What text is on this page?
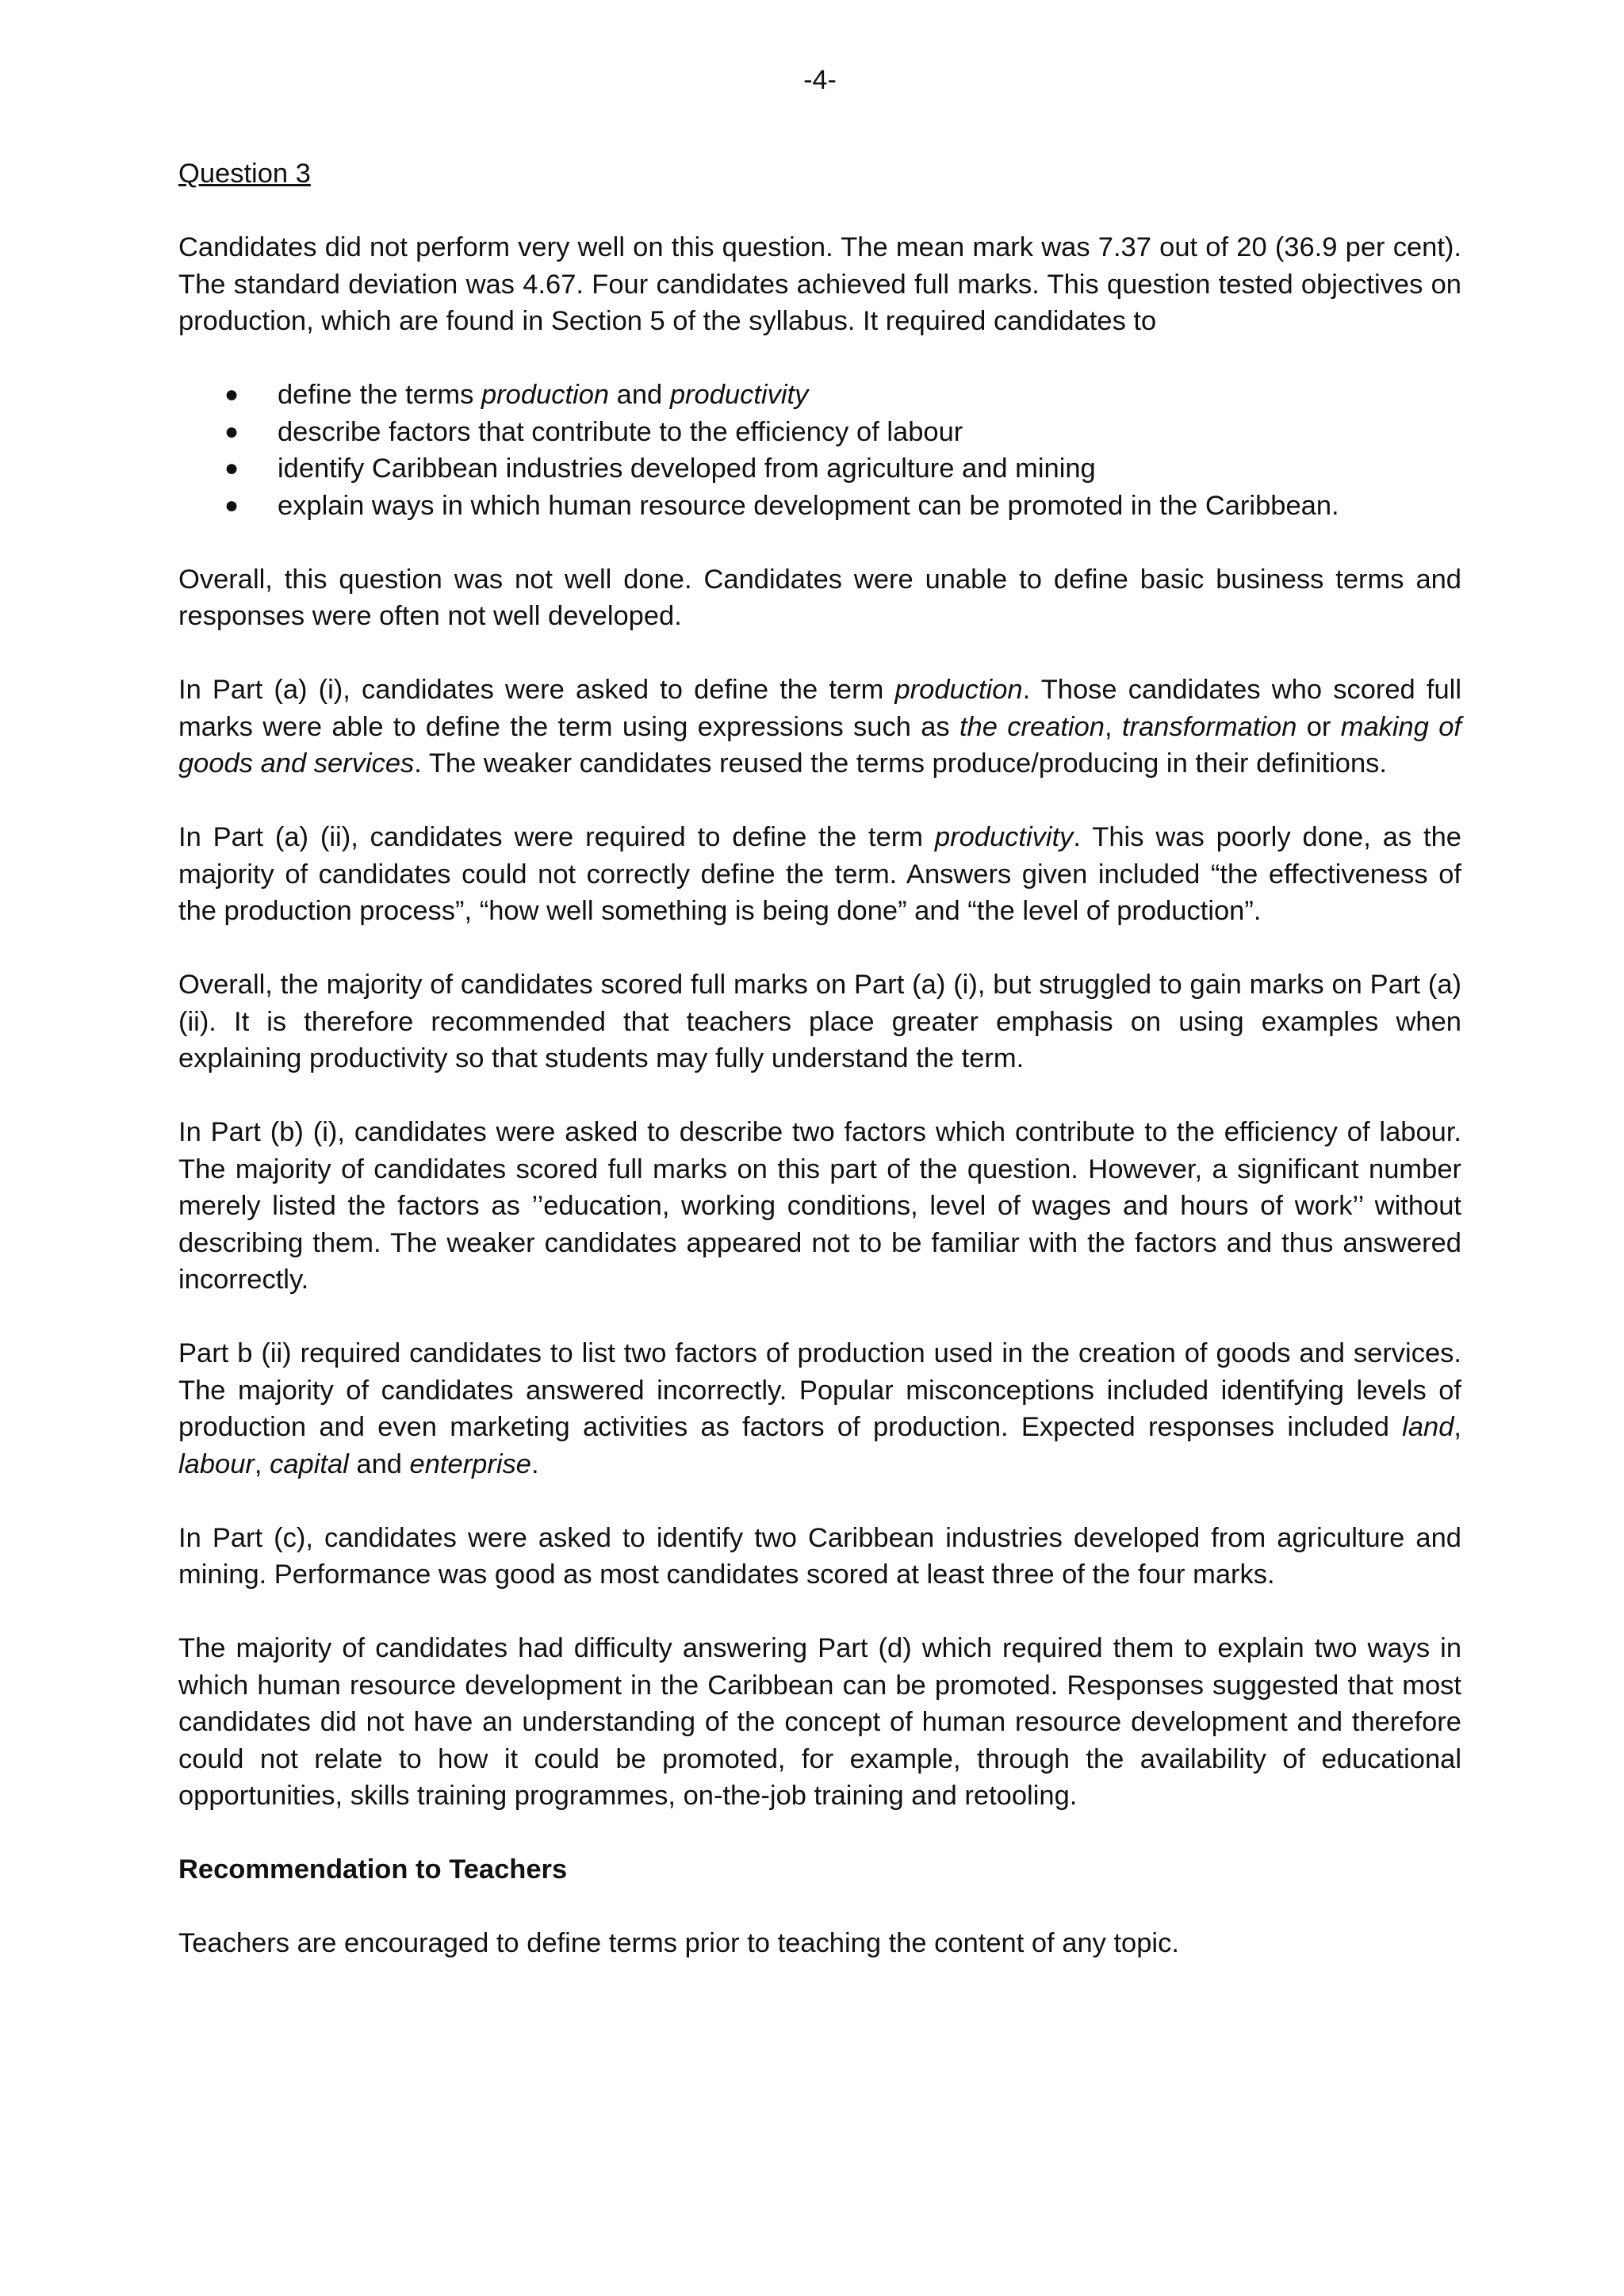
-4-

Question 3

Candidates did not perform very well on this question. The mean mark was 7.37 out of 20 (36.9 per cent). The standard deviation was 4.67. Four candidates achieved full marks. This question tested objectives on production, which are found in Section 5 of the syllabus. It required candidates to

● define the terms production and productivity
● describe factors that contribute to the efficiency of labour
● identify Caribbean industries developed from agriculture and mining
● explain ways in which human resource development can be promoted in the Caribbean.

Overall, this question was not well done. Candidates were unable to define basic business terms and responses were often not well developed.

In Part (a) (i), candidates were asked to define the term production. Those candidates who scored full marks were able to define the term using expressions such as the creation, transformation or making of goods and services. The weaker candidates reused the terms produce/producing in their definitions.

In Part (a) (ii), candidates were required to define the term productivity. This was poorly done, as the majority of candidates could not correctly define the term. Answers given included “the effectiveness of the production process”, “how well something is being done” and “the level of production”.

Overall, the majority of candidates scored full marks on Part (a) (i), but struggled to gain marks on Part (a) (ii). It is therefore recommended that teachers place greater emphasis on using examples when explaining productivity so that students may fully understand the term.

In Part (b) (i), candidates were asked to describe two factors which contribute to the efficiency of labour. The majority of candidates scored full marks on this part of the question. However, a significant number merely listed the factors as ’’education, working conditions, level of wages and hours of work’’ without describing them. The weaker candidates appeared not to be familiar with the factors and thus answered incorrectly.

Part b (ii) required candidates to list two factors of production used in the creation of goods and services. The majority of candidates answered incorrectly. Popular misconceptions included identifying levels of production and even marketing activities as factors of production. Expected responses included land, labour, capital and enterprise.

In Part (c), candidates were asked to identify two Caribbean industries developed from agriculture and mining. Performance was good as most candidates scored at least three of the four marks.

The majority of candidates had difficulty answering Part (d) which required them to explain two ways in which human resource development in the Caribbean can be promoted. Responses suggested that most candidates did not have an understanding of the concept of human resource development and therefore could not relate to how it could be promoted, for example, through the availability of educational opportunities, skills training programmes, on-the-job training and retooling.

Recommendation to Teachers

Teachers are encouraged to define terms prior to teaching the content of any topic.
